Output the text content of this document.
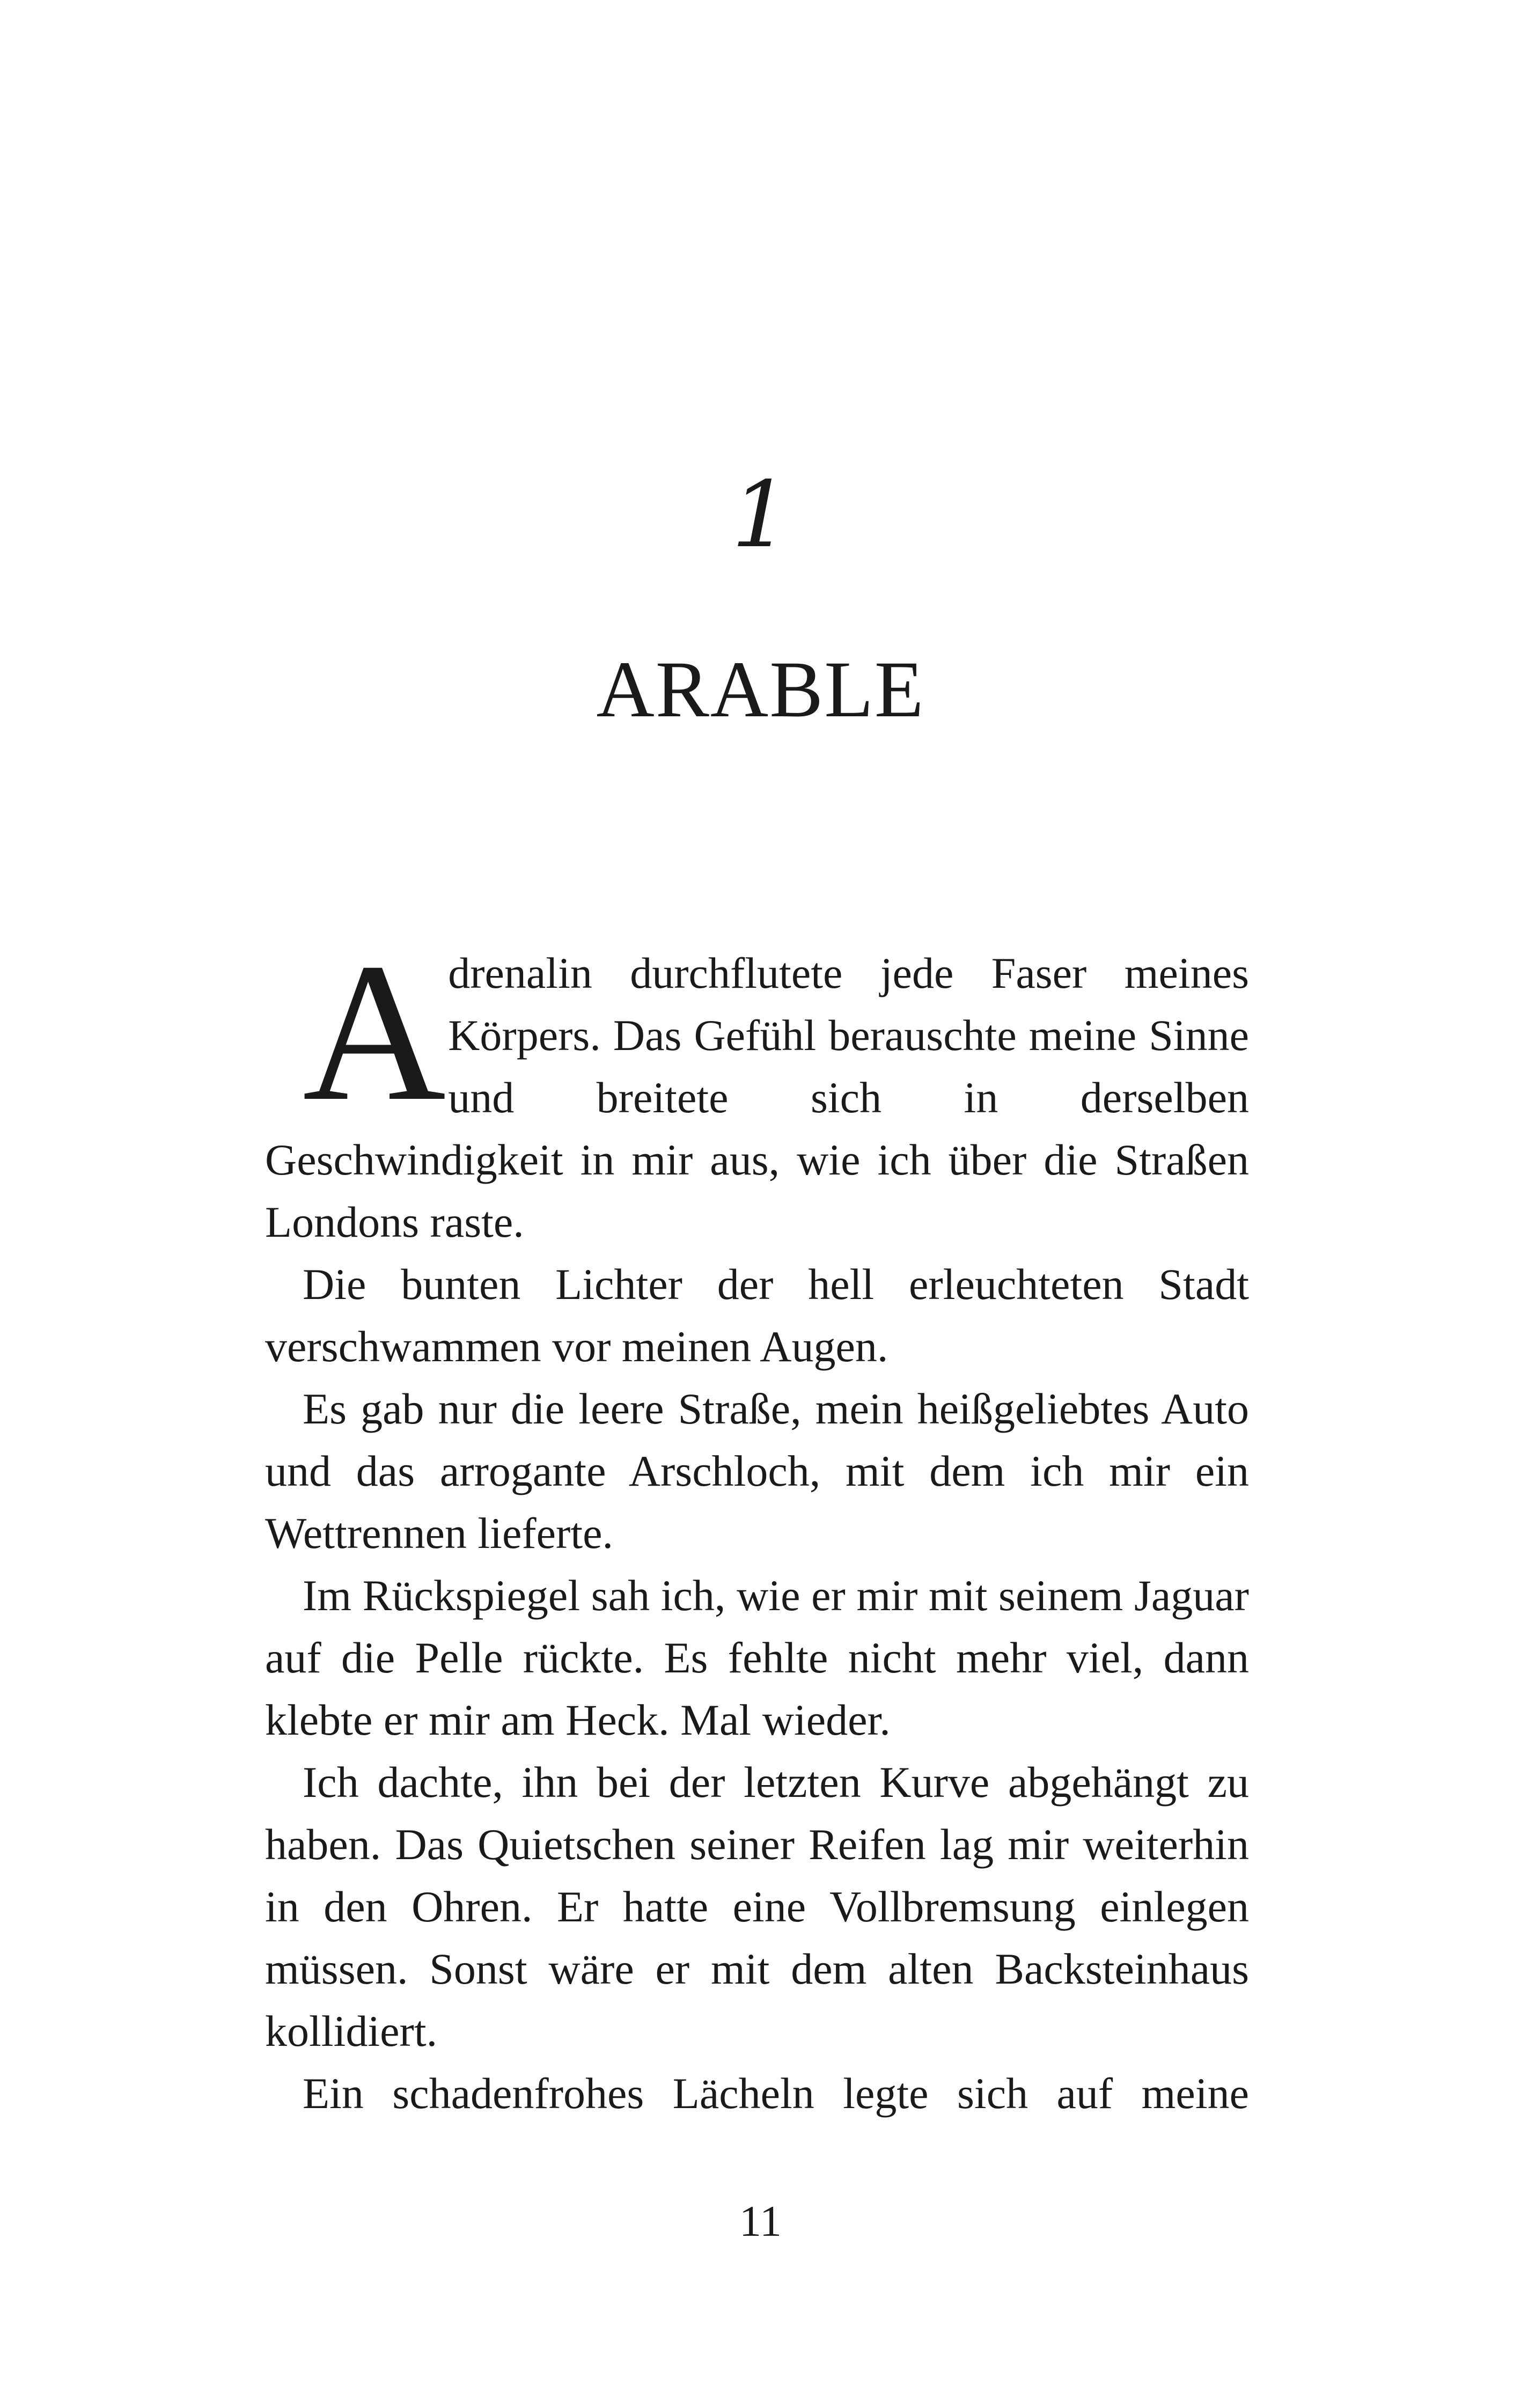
1
ARABLE

Adrenalin durchflutete jede Faser meines Körpers. Das Gefühl berauschte meine Sinne und breitete sich in derselben Geschwindigkeit in mir aus, wie ich über die Straßen Londons raste.

Die bunten Lichter der hell erleuchteten Stadt verschwammen vor meinen Augen.

Es gab nur die leere Straße, mein heißgeliebtes Auto und das arrogante Arschloch, mit dem ich mir ein Wettrennen lieferte.

Im Rückspiegel sah ich, wie er mir mit seinem Jaguar auf die Pelle rückte. Es fehlte nicht mehr viel, dann klebte er mir am Heck. Mal wieder.

Ich dachte, ihn bei der letzten Kurve abgehängt zu haben. Das Quietschen seiner Reifen lag mir weiterhin in den Ohren. Er hatte eine Vollbremsung einlegen müssen. Sonst wäre er mit dem alten Backsteinhaus kollidiert.

Ein schadenfrohes Lächeln legte sich auf meine

11
